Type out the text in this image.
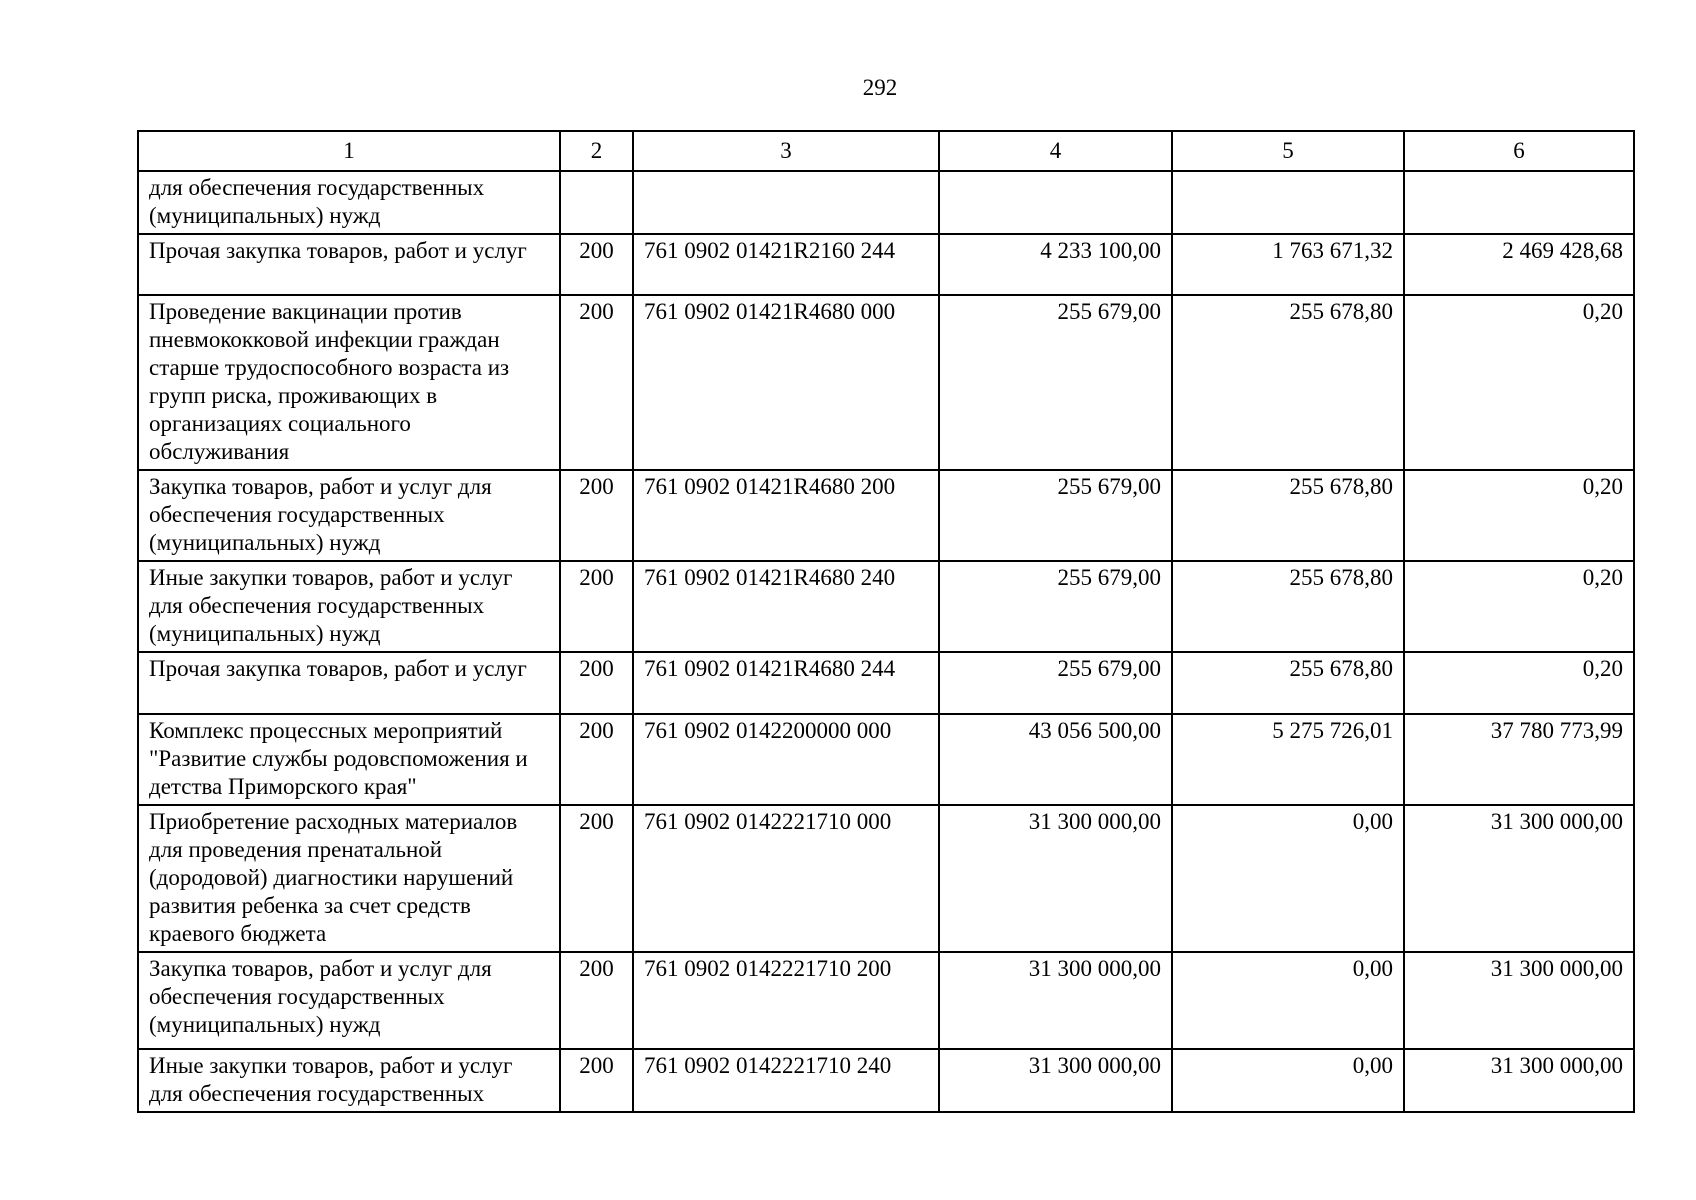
292
1	2	3	4	5	6
для обеспечения государственных (муниципальных) нужд					
Прочая закупка товаров, работ и услуг	200	761 0902 01421R2160 244	4 233 100,00	1 763 671,32	2 469 428,68
Проведение вакцинации против пневмококковой инфекции граждан старше трудоспособного возраста из групп риска, проживающих в организациях социального обслуживания	200	761 0902 01421R4680 000	255 679,00	255 678,80	0,20
Закупка товаров, работ и услуг для обеспечения государственных (муниципальных) нужд	200	761 0902 01421R4680 200	255 679,00	255 678,80	0,20
Иные закупки товаров, работ и услуг для обеспечения государственных (муниципальных) нужд	200	761 0902 01421R4680 240	255 679,00	255 678,80	0,20
Прочая закупка товаров, работ и услуг	200	761 0902 01421R4680 244	255 679,00	255 678,80	0,20
Комплекс процессных мероприятий "Развитие службы родовспоможения и детства Приморского края"	200	761 0902 0142200000 000	43 056 500,00	5 275 726,01	37 780 773,99
Приобретение расходных материалов для проведения пренатальной (дородовой) диагностики нарушений развития ребенка за счет средств краевого бюджета	200	761 0902 0142221710 000	31 300 000,00	0,00	31 300 000,00
Закупка товаров, работ и услуг для обеспечения государственных (муниципальных) нужд	200	761 0902 0142221710 200	31 300 000,00	0,00	31 300 000,00
Иные закупки товаров, работ и услуг для обеспечения государственных	200	761 0902 0142221710 240	31 300 000,00	0,00	31 300 000,00
